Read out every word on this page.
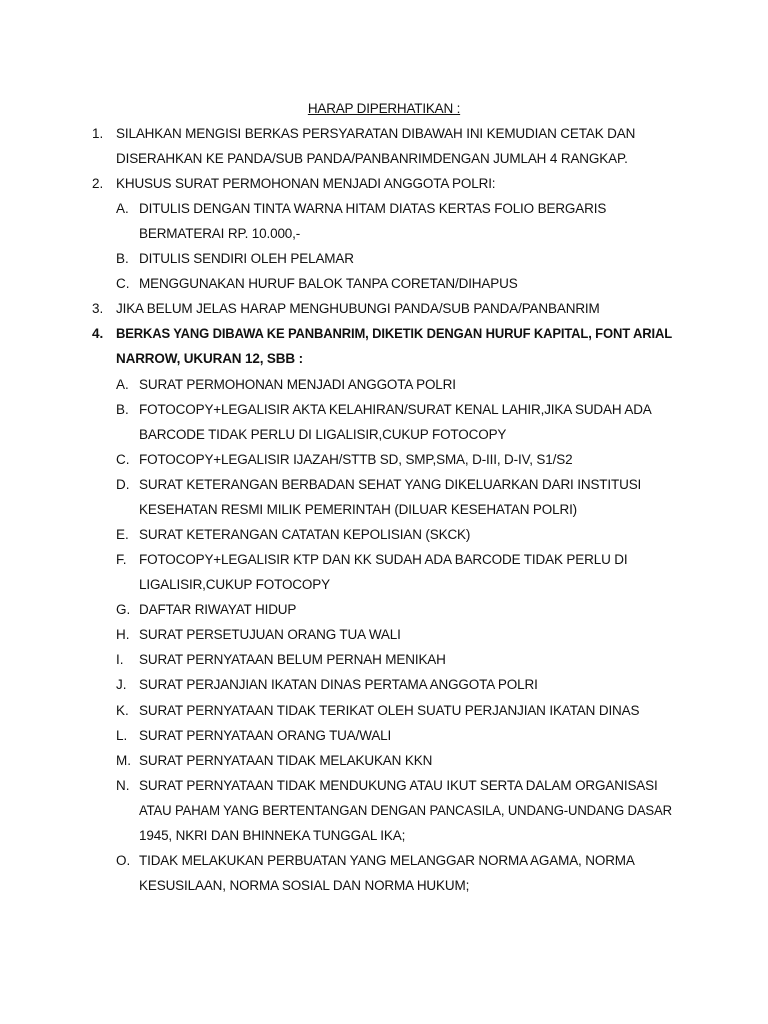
HARAP DIPERHATIKAN :
1. SILAHKAN MENGISI BERKAS PERSYARATAN DIBAWAH INI KEMUDIAN CETAK DAN
DISERAHKAN KE PANDA/SUB PANDA/PANBANRIMDENGAN JUMLAH 4 RANGKAP.
2. KHUSUS SURAT PERMOHONAN MENJADI ANGGOTA POLRI:
A. DITULIS DENGAN TINTA WARNA HITAM DIATAS KERTAS FOLIO BERGARIS
BERMATERAI RP. 10.000,-
B. DITULIS SENDIRI OLEH PELAMAR
C. MENGGUNAKAN HURUF BALOK TANPA CORETAN/DIHAPUS
3. JIKA BELUM JELAS HARAP MENGHUBUNGI PANDA/SUB PANDA/PANBANRIM
4. BERKAS YANG DIBAWA KE PANBANRIM, DIKETIK DENGAN HURUF KAPITAL, FONT ARIAL
NARROW, UKURAN 12, SBB :
A. SURAT PERMOHONAN MENJADI ANGGOTA POLRI
B. FOTOCOPY+LEGALISIR AKTA KELAHIRAN/SURAT KENAL LAHIR,JIKA SUDAH ADA
BARCODE TIDAK PERLU DI LIGALISIR,CUKUP FOTOCOPY
C. FOTOCOPY+LEGALISIR IJAZAH/STTB SD, SMP,SMA, D-III, D-IV, S1/S2
D. SURAT KETERANGAN BERBADAN SEHAT YANG DIKELUARKAN DARI INSTITUSI
KESEHATAN RESMI MILIK PEMERINTAH (DILUAR KESEHATAN POLRI)
E. SURAT KETERANGAN CATATAN KEPOLISIAN (SKCK)
F. FOTOCOPY+LEGALISIR KTP DAN KK SUDAH ADA BARCODE TIDAK PERLU DI
LIGALISIR,CUKUP FOTOCOPY
G. DAFTAR RIWAYAT HIDUP
H. SURAT PERSETUJUAN ORANG TUA WALI
I. SURAT PERNYATAAN BELUM PERNAH MENIKAH
J. SURAT PERJANJIAN IKATAN DINAS PERTAMA ANGGOTA POLRI
K. SURAT PERNYATAAN TIDAK TERIKAT OLEH SUATU PERJANJIAN IKATAN DINAS
L. SURAT PERNYATAAN ORANG TUA/WALI
M. SURAT PERNYATAAN TIDAK MELAKUKAN KKN
N. SURAT PERNYATAAN TIDAK MENDUKUNG ATAU IKUT SERTA DALAM ORGANISASI
ATAU PAHAM YANG BERTENTANGAN DENGAN PANCASILA, UNDANG-UNDANG DASAR
1945, NKRI DAN BHINNEKA TUNGGAL IKA;
O. TIDAK MELAKUKAN PERBUATAN YANG MELANGGAR NORMA AGAMA, NORMA
KESUSILAAN, NORMA SOSIAL DAN NORMA HUKUM;
